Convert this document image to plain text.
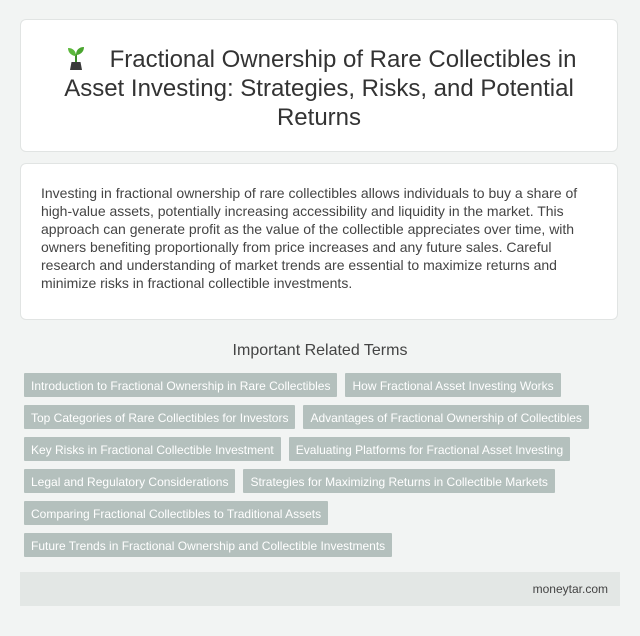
Fractional Ownership of Rare Collectibles in Asset Investing: Strategies, Risks, and Potential Returns

Investing in fractional ownership of rare collectibles allows individuals to buy a share of high-value assets, potentially increasing accessibility and liquidity in the market. This approach can generate profit as the value of the collectible appreciates over time, with owners benefiting proportionally from price increases and any future sales. Careful research and understanding of market trends are essential to maximize returns and minimize risks in fractional collectible investments.

Important Related Terms
Introduction to Fractional Ownership in Rare Collectibles	How Fractional Asset Investing Works
Top Categories of Rare Collectibles for Investors	Advantages of Fractional Ownership of Collectibles
Key Risks in Fractional Collectible Investment	Evaluating Platforms for Fractional Asset Investing
Legal and Regulatory Considerations	Strategies for Maximizing Returns in Collectible Markets
Comparing Fractional Collectibles to Traditional Assets
Future Trends in Fractional Ownership and Collectible Investments
moneytar.com
